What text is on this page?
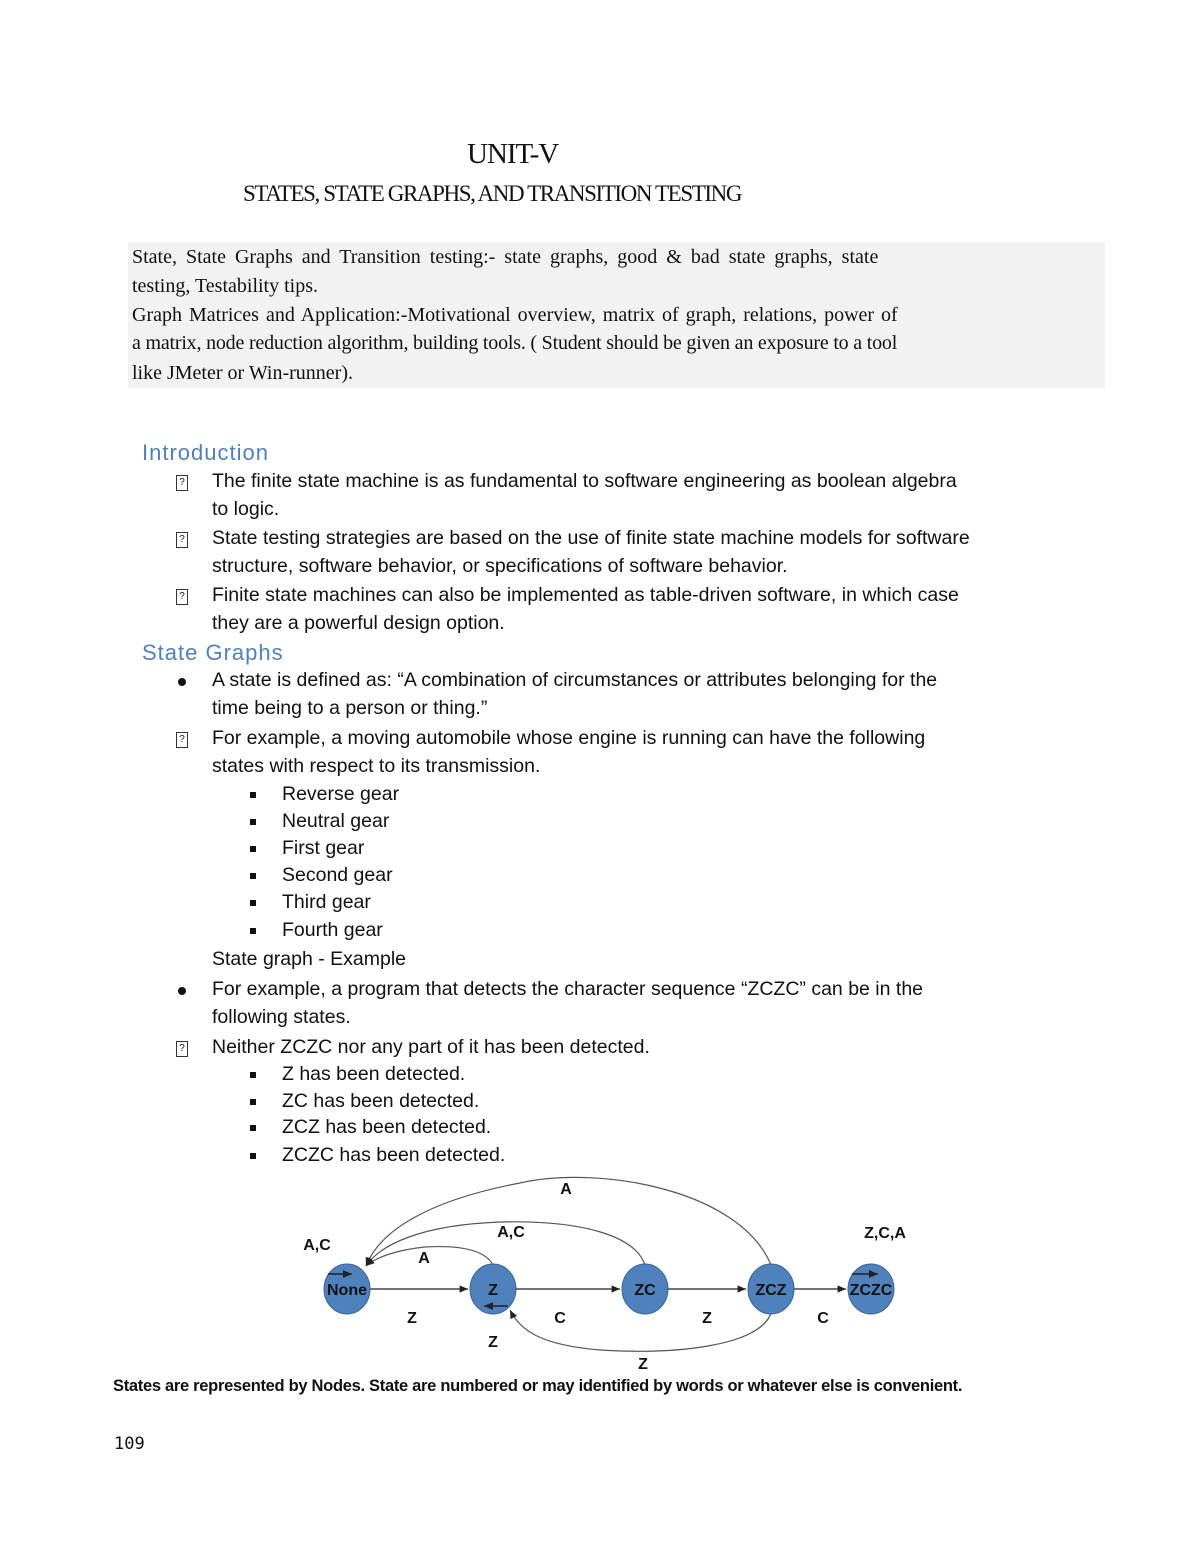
UNIT-V
STATES, STATE GRAPHS, AND TRANSITION TESTING
State, State Graphs and Transition testing:- state graphs, good & bad state graphs, state
testing, Testability tips.
Graph Matrices and Application:-Motivational overview, matrix of graph, relations, power of
a matrix, node reduction algorithm, building tools. ( Student should be given an exposure to a tool
like JMeter or Win-runner).
Introduction
? The finite state machine is as fundamental to software engineering as boolean algebra
to logic.
? State testing strategies are based on the use of finite state machine models for software
structure, software behavior, or specifications of software behavior.
? Finite state machines can also be implemented as table-driven software, in which case
they are a powerful design option.
State Graphs
A state is defined as: “A combination of circumstances or attributes belonging for the
time being to a person or thing.”
? For example, a moving automobile whose engine is running can have the following
states with respect to its transmission.
Reverse gear
Neutral gear
First gear
Second gear
Third gear
Fourth gear
State graph - Example
For example, a program that detects the character sequence “ZCZC” can be in the
following states.
? Neither ZCZC nor any part of it has been detected.
Z has been detected.
ZC has been detected.
ZCZ has been detected.
ZCZC has been detected.
None	Z	ZC	ZCZ	ZCZC
A,C
Z,C,A
Z	C	Z	C
A
A,C
A
Z
Z
States are represented by Nodes. State are numbered or may identified by words or whatever else is convenient.
109
